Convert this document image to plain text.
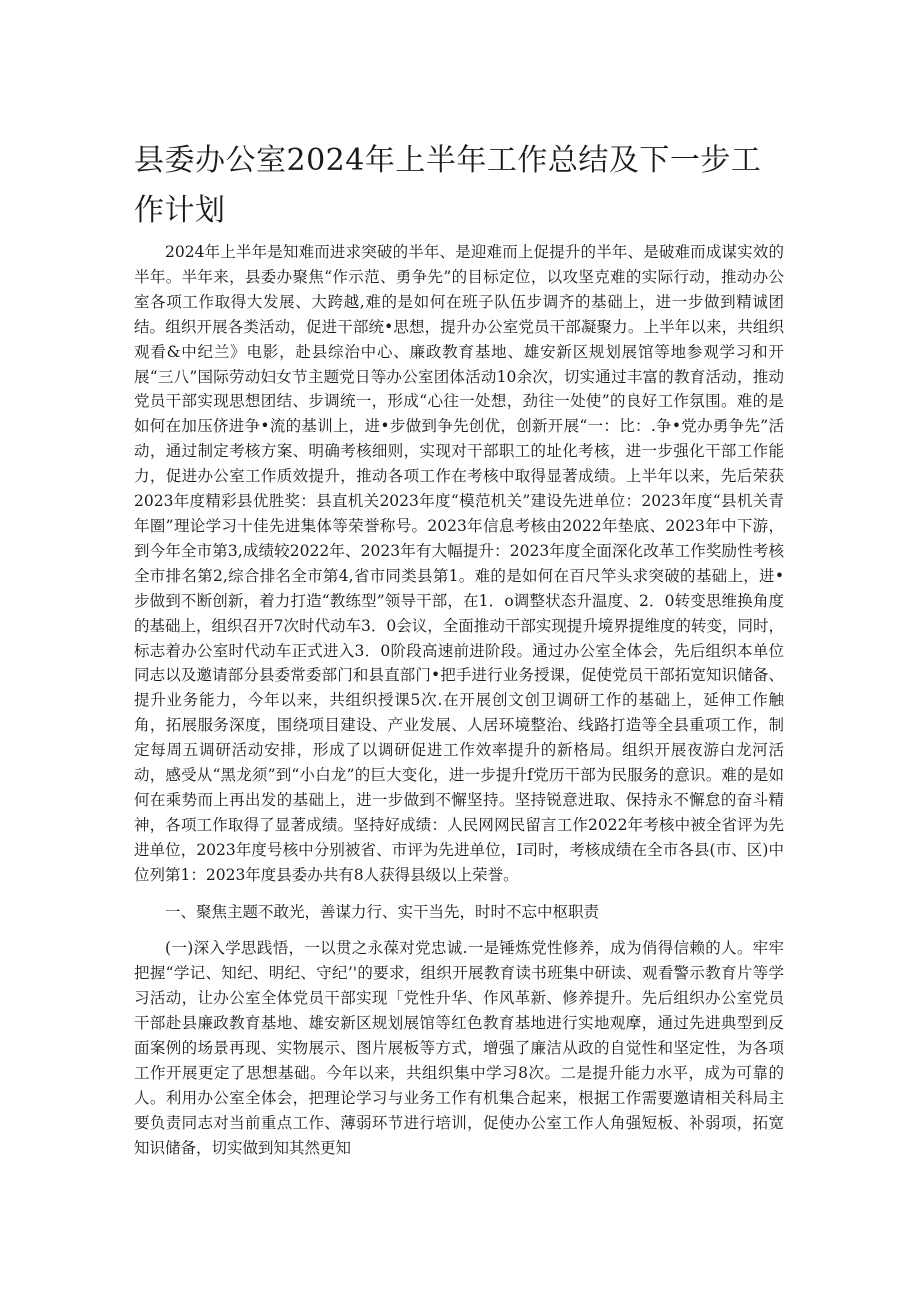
县委办公室2024年上半年工作总结及下一步工作计划

2024年上半年是知难而进求突破的半年、是迎难而上促提升的半年、是破难而成谋实效的半年。半年来，县委办聚焦“作示范、勇争先”的目标定位，以攻坚克难的实际行动，推动办公室各项工作取得大发展、大跨越,难的是如何在班子队伍步调齐的基础上，进一步做到精诚团结。组织开展各类活动，促进干部统•思想，提升办公室党员干部凝聚力。上半年以来，共组织观看&中纪兰》电影，赴县综治中心、廉政教育基地、雄安新区规划展馆等地参观学习和开展“三八”国际劳动妇女节主题党日等办公室团体活动10余次，切实通过丰富的教育活动，推动党员干部实现思想团结、步调统一，形成“心往一处想，劲往一处使”的良好工作氛围。难的是如何在加压侪进争•流的基训上，进•步做到争先创优，创新开展“一：比：.争•党办勇争先”活动，通过制定考核方案、明确考核细则，实现对干部职工的址化考核，进一步强化干部工作能力，促进办公室工作质效提升，推动各项工作在考核中取得显著成绩。上半年以来，先后荣获2023年度精彩县优胜奖：县直机关2023年度“模范机关”建设先进单位：2023年度“县机关青年圈”理论学习十佳先进集体等荣誉称号。2023年信息考核由2022年垫底、2023年中下游，到今年全市第3,成绩较2022年、2023年有大幅提升：2023年度全面深化改革工作奖励性考核全市排名第2,综合排名全市第4,省市同类县第1。难的是如何在百尺竿头求突破的基础上，进•步做到不断创新，着力打造“教练型”领导干部，在1．o调整状态升温度、2．0转变思维换角度的基础上，组织召开7次时代动车3．0会议，全面推动干部实现提升境界提维度的转变，同时，标志着办公室时代动车正式进入3．0阶段高速前进阶段。通过办公室全体会，先后组织本单位同志以及邀请部分县委常委部门和县直部门•把手进行业务授课，促使党员干部拓宽知识储备、提升业务能力，今年以来，共组织授课5次.在开展创文创卫调研工作的基础上，延伸工作触角，拓展服务深度，围绕项目建设、产业发展、人居环境整治、线路打造等全县重项工作，制定每周五调研活动安排，形成了以调研促进工作效率提升的新格局。组织开展夜游白龙河活动，感受从“黑龙须”到“小白龙”的巨大变化，进一步提升f党历干部为民服务的意识。难的是如何在乘势而上再出发的基础上，进一步做到不懈坚持。坚持锐意进取、保持永不懈怠的奋斗精神，各项工作取得了显著成绩。坚持好成绩：人民网网民留言工作2022年考核中被全省评为先进单位，2023年度号核中分别被省、市评为先进单位，I司时，考核成绩在全市各县(市、区)中位列第1：2023年度县委办共有8人获得县级以上荣誉。

一、聚焦主题不敢光，善谋力行、实干当先，时时不忘中枢职责

(一)深入学思践悟，一以贯之永葆对党忠诚.一是锤炼党性修养，成为俏得信赖的人。牢牢把握“学记、知纪、明纪、守纪’'的要求，组织开展教育读书班集中研读、观看警示教育片等学习活动，让办公室全体党员干部实现「党性升华、作风革新、修养提升。先后组织办公室党员干部赴县廉政教育基地、雄安新区规划展馆等红色教育基地进行实地观摩，通过先进典型到反面案例的场景再现、实物展示、图片展板等方式，增强了廉洁从政的自觉性和坚定性，为各项工作开展更定了思想基础。今年以来，共组织集中学习8次。二是提升能力水平，成为可靠的人。利用办公室全体会，把理论学习与业务工作有机集合起来，根据工作需要邀请相关科局主要负责同志对当前重点工作、薄弱环节进行培训，促使办公室工作人角强短板、补弱项，拓宽知识储备，切实做到知其然更知
